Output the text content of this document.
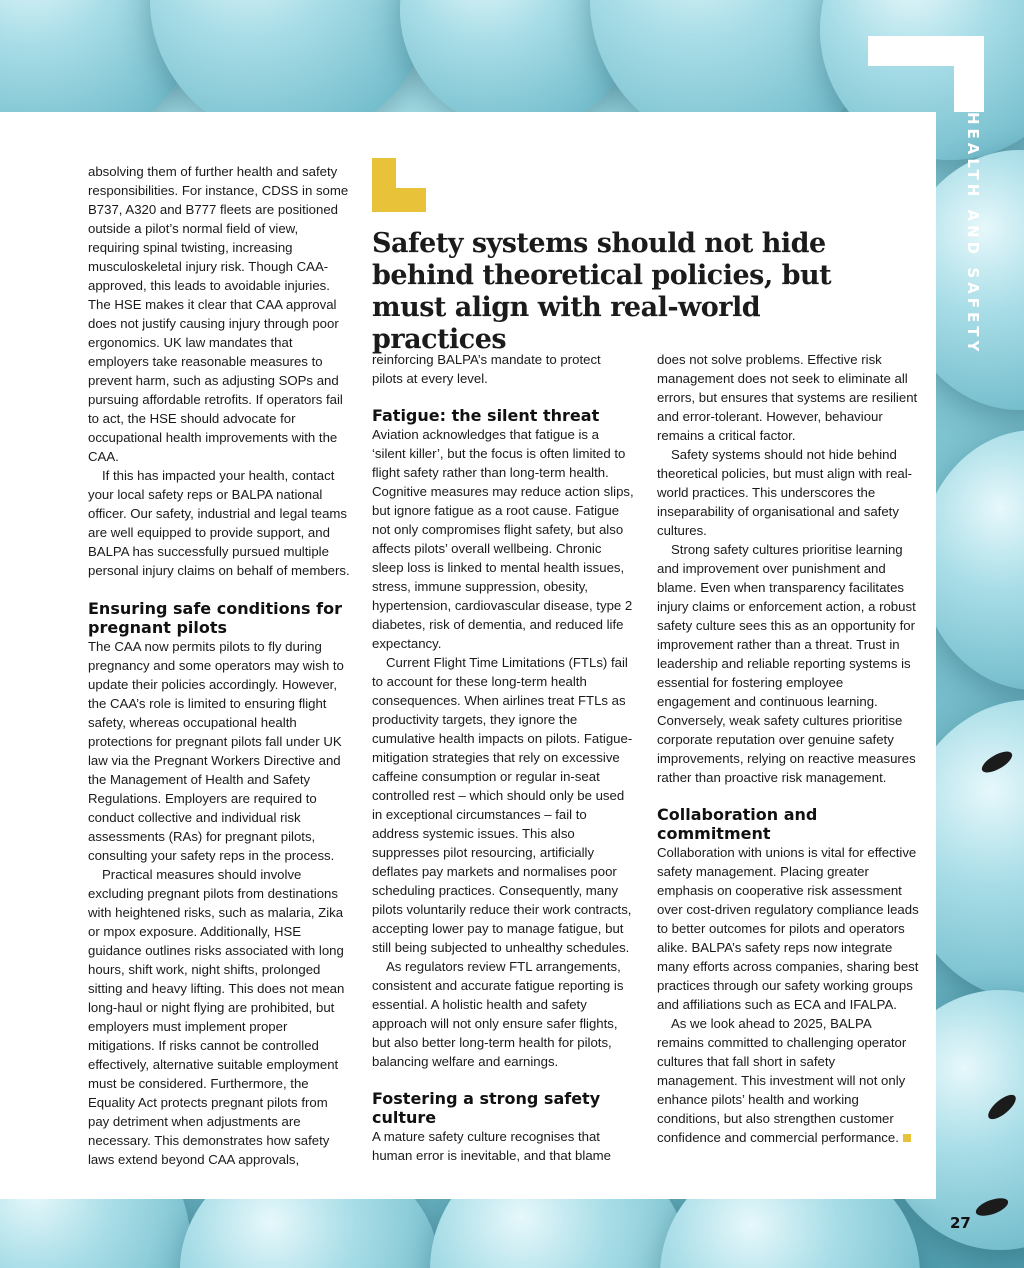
HEALTH AND SAFETY

absolving them of further health and safety responsibilities. For instance, CDSS in some B737, A320 and B777 fleets are positioned outside a pilot’s normal field of view, requiring spinal twisting, increasing musculoskeletal injury risk. Though CAA-approved, this leads to avoidable injuries. The HSE makes it clear that CAA approval does not justify causing injury through poor ergonomics. UK law mandates that employers take reasonable measures to prevent harm, such as adjusting SOPs and pursuing affordable retrofits. If operators fail to act, the HSE should advocate for occupational health improvements with the CAA.

If this has impacted your health, contact your local safety reps or BALPA national officer. Our safety, industrial and legal teams are well equipped to provide support, and BALPA has successfully pursued multiple personal injury claims on behalf of members.

Ensuring safe conditions for pregnant pilots

The CAA now permits pilots to fly during pregnancy and some operators may wish to update their policies accordingly. However, the CAA’s role is limited to ensuring flight safety, whereas occupational health protections for pregnant pilots fall under UK law via the Pregnant Workers Directive and the Management of Health and Safety Regulations. Employers are required to conduct collective and individual risk assessments (RAs) for pregnant pilots, consulting your safety reps in the process.

Practical measures should involve excluding pregnant pilots from destinations with heightened risks, such as malaria, Zika or mpox exposure. Additionally, HSE guidance outlines risks associated with long hours, shift work, night shifts, prolonged sitting and heavy lifting. This does not mean long-haul or night flying are prohibited, but employers must implement proper mitigations. If risks cannot be controlled effectively, alternative suitable employment must be considered. Furthermore, the Equality Act protects pregnant pilots from pay detriment when adjustments are necessary. This demonstrates how safety laws extend beyond CAA approvals,

Safety systems should not hide behind theoretical policies, but must align with real-world practices

reinforcing BALPA’s mandate to protect pilots at every level.

Fatigue: the silent threat

Aviation acknowledges that fatigue is a ‘silent killer’, but the focus is often limited to flight safety rather than long-term health. Cognitive measures may reduce action slips, but ignore fatigue as a root cause. Fatigue not only compromises flight safety, but also affects pilots’ overall wellbeing. Chronic sleep loss is linked to mental health issues, stress, immune suppression, obesity, hypertension, cardiovascular disease, type 2 diabetes, risk of dementia, and reduced life expectancy.

Current Flight Time Limitations (FTLs) fail to account for these long-term health consequences. When airlines treat FTLs as productivity targets, they ignore the cumulative health impacts on pilots. Fatigue-mitigation strategies that rely on excessive caffeine consumption or regular in-seat controlled rest – which should only be used in exceptional circumstances – fail to address systemic issues. This also suppresses pilot resourcing, artificially deflates pay markets and normalises poor scheduling practices. Consequently, many pilots voluntarily reduce their work contracts, accepting lower pay to manage fatigue, but still being subjected to unhealthy schedules.

As regulators review FTL arrangements, consistent and accurate fatigue reporting is essential. A holistic health and safety approach will not only ensure safer flights, but also better long-term health for pilots, balancing welfare and earnings.

Fostering a strong safety culture

A mature safety culture recognises that human error is inevitable, and that blame

does not solve problems. Effective risk management does not seek to eliminate all errors, but ensures that systems are resilient and error-tolerant. However, behaviour remains a critical factor.

Safety systems should not hide behind theoretical policies, but must align with real-world practices. This underscores the inseparability of organisational and safety cultures.

Strong safety cultures prioritise learning and improvement over punishment and blame. Even when transparency facilitates injury claims or enforcement action, a robust safety culture sees this as an opportunity for improvement rather than a threat. Trust in leadership and reliable reporting systems is essential for fostering employee engagement and continuous learning. Conversely, weak safety cultures prioritise corporate reputation over genuine safety improvements, relying on reactive measures rather than proactive risk management.

Collaboration and commitment

Collaboration with unions is vital for effective safety management. Placing greater emphasis on cooperative risk assessment over cost-driven regulatory compliance leads to better outcomes for pilots and operators alike. BALPA’s safety reps now integrate many efforts across companies, sharing best practices through our safety working groups and affiliations such as ECA and IFALPA.

As we look ahead to 2025, BALPA remains committed to challenging operator cultures that fall short in safety management. This investment will not only enhance pilots’ health and working conditions, but also strengthen customer confidence and commercial performance.

27
